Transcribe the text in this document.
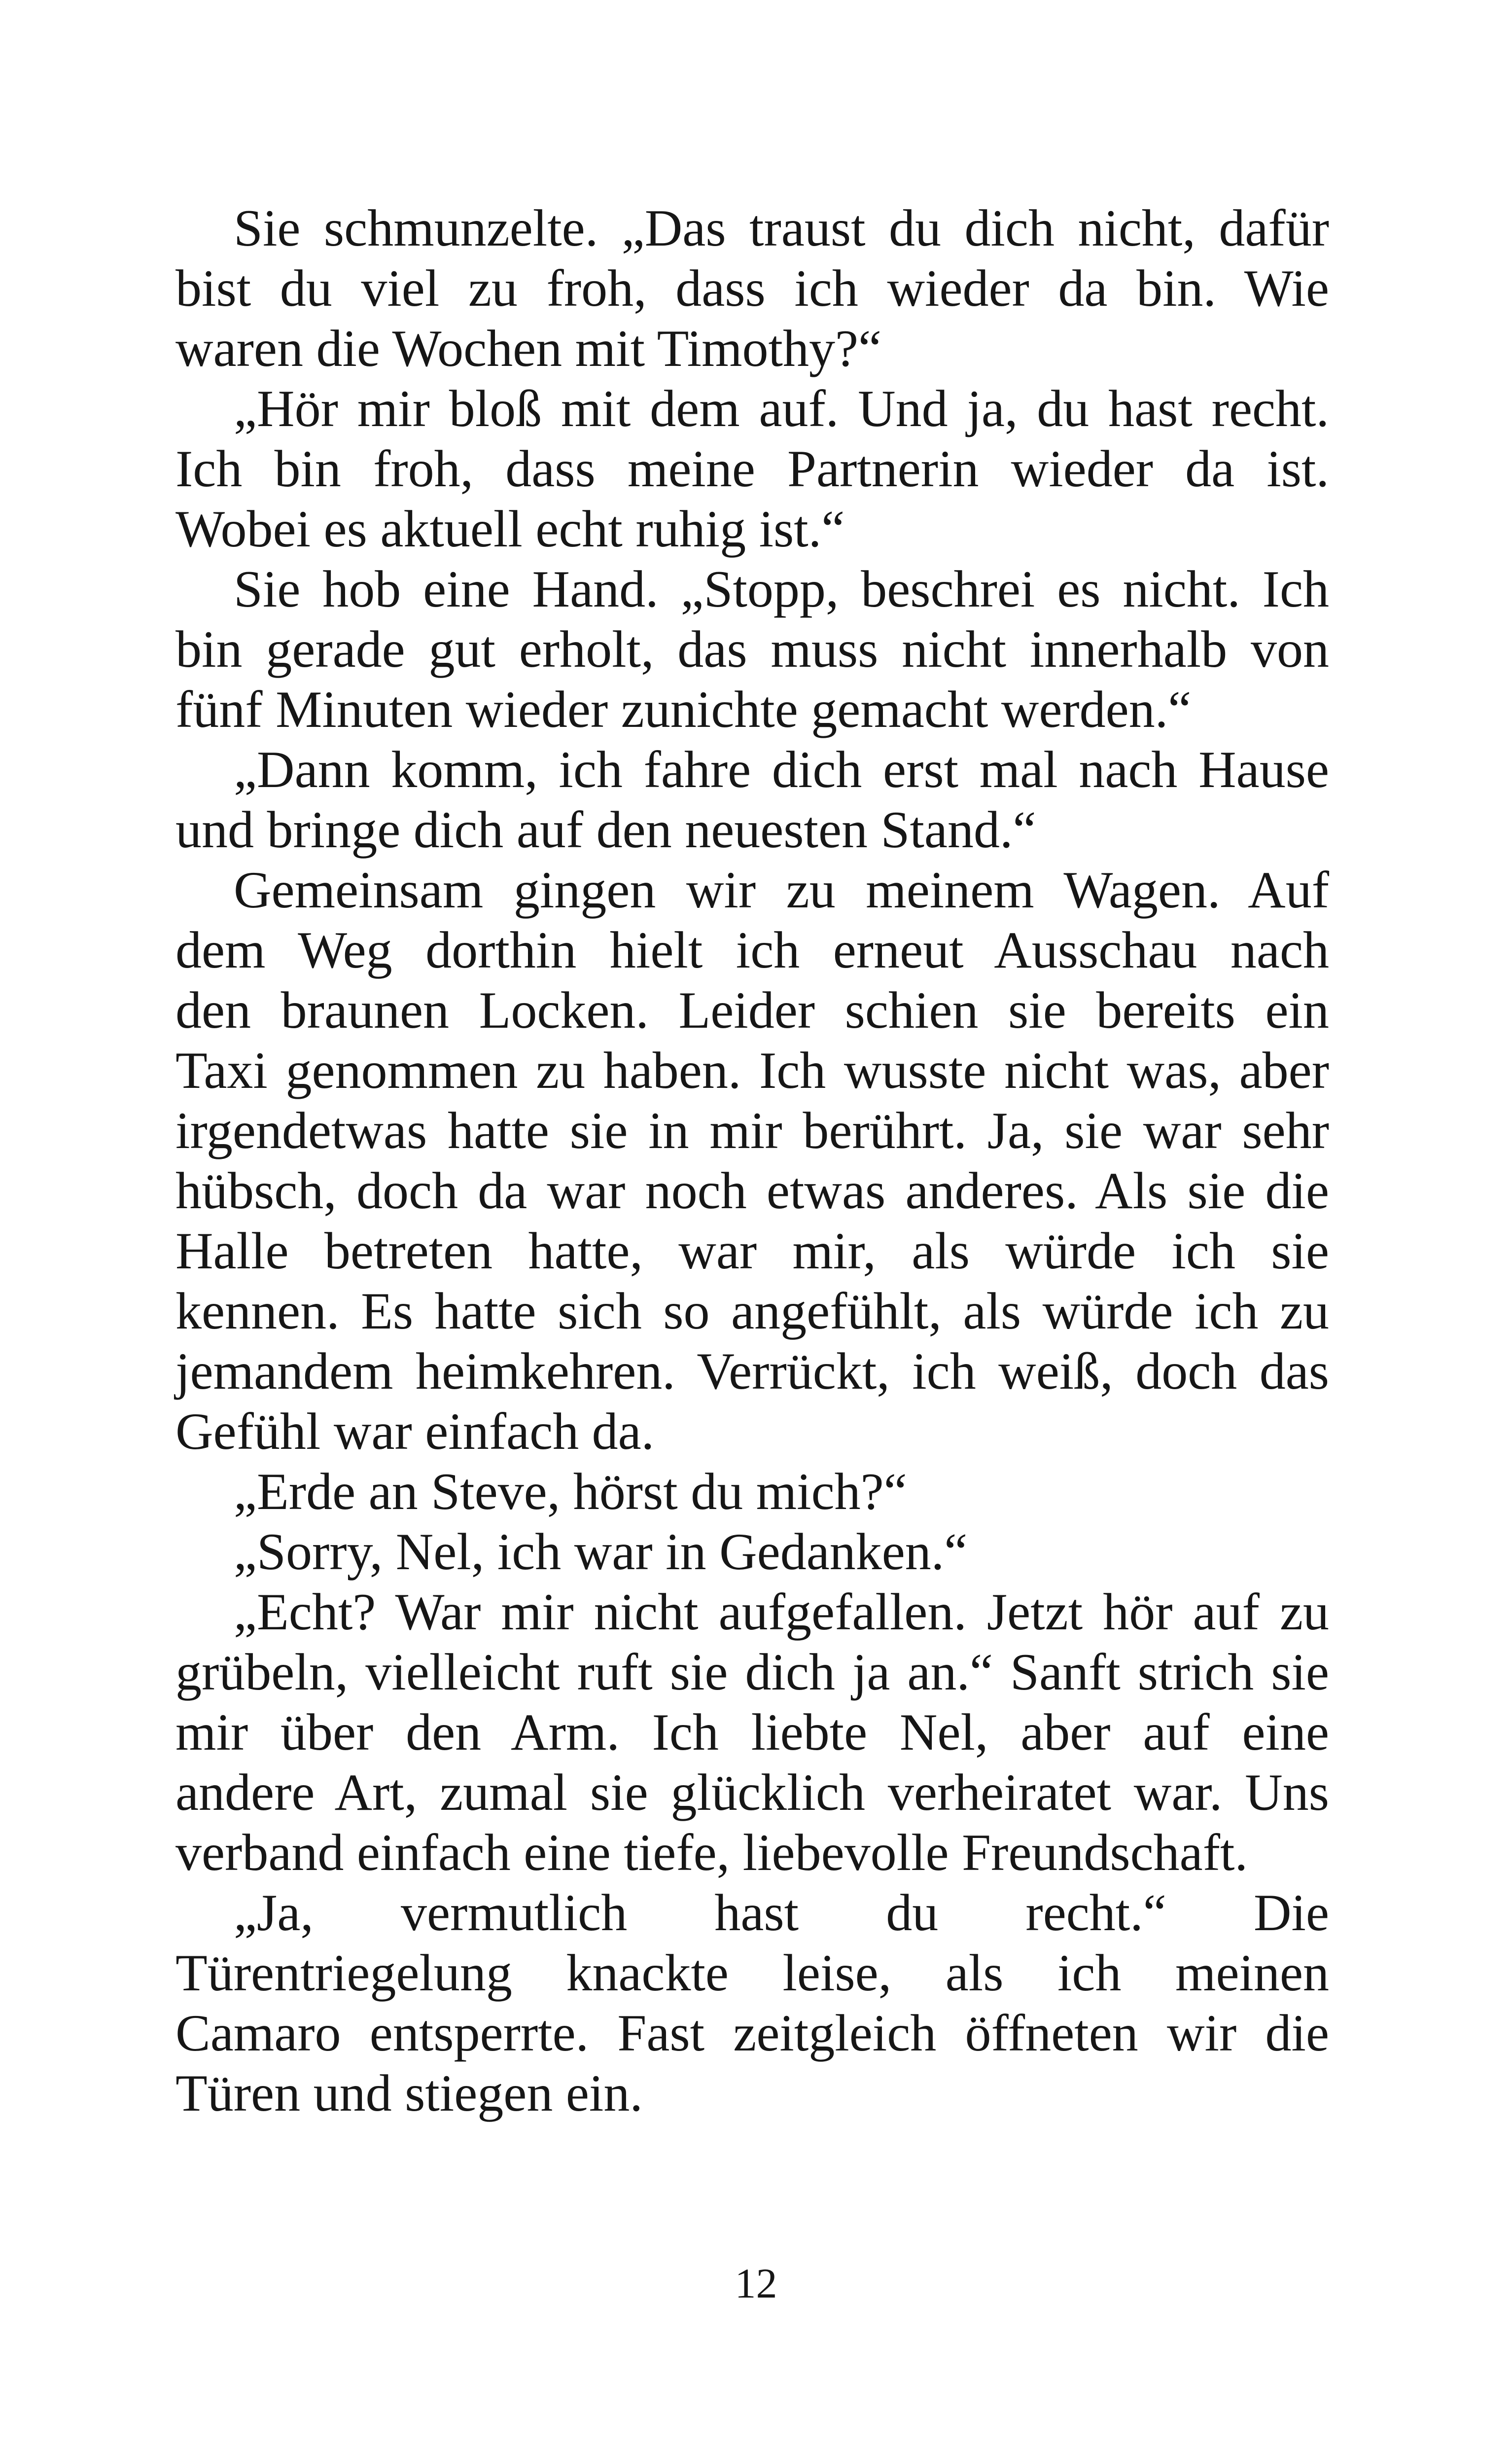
Sie schmunzelte. „Das traust du dich nicht, dafür
bist du viel zu froh, dass ich wieder da bin. Wie
waren die Wochen mit Timothy?“
„Hör mir bloß mit dem auf. Und ja, du hast recht.
Ich bin froh, dass meine Partnerin wieder da ist.
Wobei es aktuell echt ruhig ist.“
Sie hob eine Hand. „Stopp, beschrei es nicht. Ich
bin gerade gut erholt, das muss nicht innerhalb von
fünf Minuten wieder zunichte gemacht werden.“
„Dann komm, ich fahre dich erst mal nach Hause
und bringe dich auf den neuesten Stand.“
Gemeinsam gingen wir zu meinem Wagen. Auf
dem Weg dorthin hielt ich erneut Ausschau nach
den braunen Locken. Leider schien sie bereits ein
Taxi genommen zu haben. Ich wusste nicht was, aber
irgendetwas hatte sie in mir berührt. Ja, sie war sehr
hübsch, doch da war noch etwas anderes. Als sie die
Halle betreten hatte, war mir, als würde ich sie
kennen. Es hatte sich so angefühlt, als würde ich zu
jemandem heimkehren. Verrückt, ich weiß, doch das
Gefühl war einfach da.
„Erde an Steve, hörst du mich?“
„Sorry, Nel, ich war in Gedanken.“
„Echt? War mir nicht aufgefallen. Jetzt hör auf zu
grübeln, vielleicht ruft sie dich ja an.“ Sanft strich sie
mir über den Arm. Ich liebte Nel, aber auf eine
andere Art, zumal sie glücklich verheiratet war. Uns
verband einfach eine tiefe, liebevolle Freundschaft.
„Ja, vermutlich hast du recht.“ Die
Türentriegelung knackte leise, als ich meinen
Camaro entsperrte. Fast zeitgleich öffneten wir die
Türen und stiegen ein.
12
